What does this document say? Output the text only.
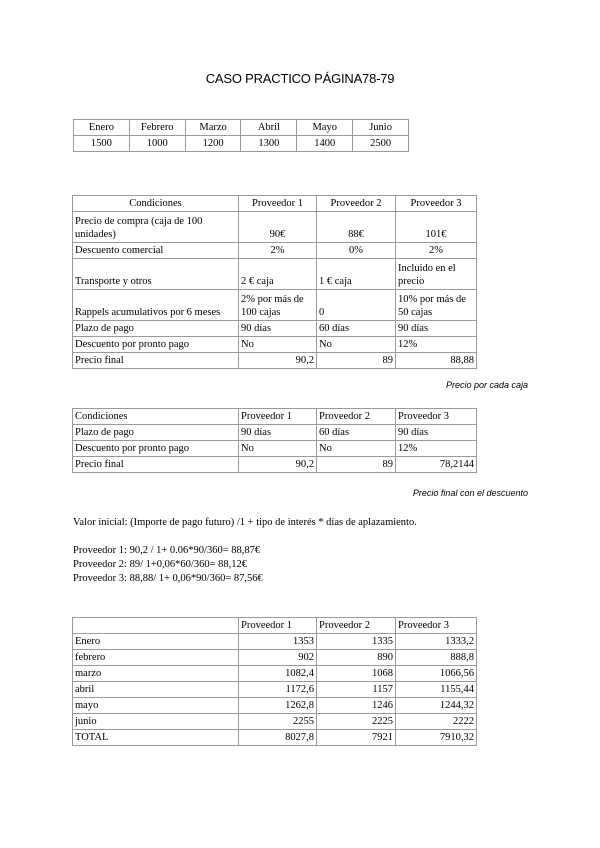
CASO PRACTICO PÁGINA78-79
Enero	Febrero	Marzo	Abril	Mayo	Junio
1500	1000	1200	1300	1400	2500
Condiciones	Proveedor 1	Proveedor 2	Proveedor 3
Precio de compra (caja de 100 unidades)	90€	88€	101€
Descuento comercial	2%	0%	2%
Transporte y otros	2 € caja	1 € caja	Incluido en el precio
Rappels acumulativos por 6 meses	2% por más de 100 cajas	0	10% por más de 50 cajas
Plazo de pago	90 días	60 días	90 días
Descuento por pronto pago	No	No	12%
Precio final	90,2	89	88,88
Precio por cada caja
Condiciones	Proveedor 1	Proveedor 2	Proveedor 3
Plazo de pago	90 días	60 días	90 días
Descuento por pronto pago	No	No	12%
Precio final	90,2	89	78,2144
Precio final con el descuento
Valor inicial: (Importe de pago futuro) /1 + tipo de interés * días de aplazamiento.
Proveedor 1: 90,2 / 1+ 0.06*90/360= 88,87€
Proveedor 2: 89/ 1+0,06*60/360= 88,12€
Proveedor 3: 88,88/ 1+ 0,06*90/360= 87,56€
	Proveedor 1	Proveedor 2	Proveedor 3
Enero	1353	1335	1333,2
febrero	902	890	888,8
marzo	1082,4	1068	1066,56
abril	1172,6	1157	1155,44
mayo	1262,8	1246	1244,32
junio	2255	2225	2222
TOTAL	8027,8	7921	7910,32
